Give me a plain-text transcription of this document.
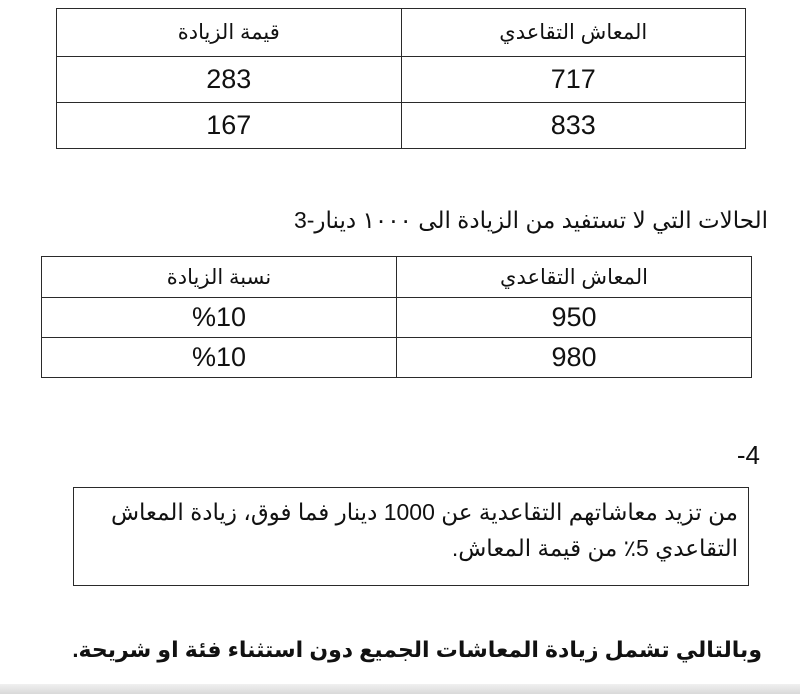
المعاش التقاعدي	قيمة الزيادة
717	283
833	167
3-الحالات التي لا تستفيد من الزيادة الى ١٠٠٠ دينار
المعاش التقاعدي	نسبة الزيادة
950	%10
980	%10
-4
من تزيد معاشاتهم التقاعدية عن 1000 دينار فما فوق، زيادة المعاش
التقاعدي 5٪ من قيمة المعاش.
وبالتالي تشمل زيادة المعاشات الجميع دون استثناء فئة او شريحة.
